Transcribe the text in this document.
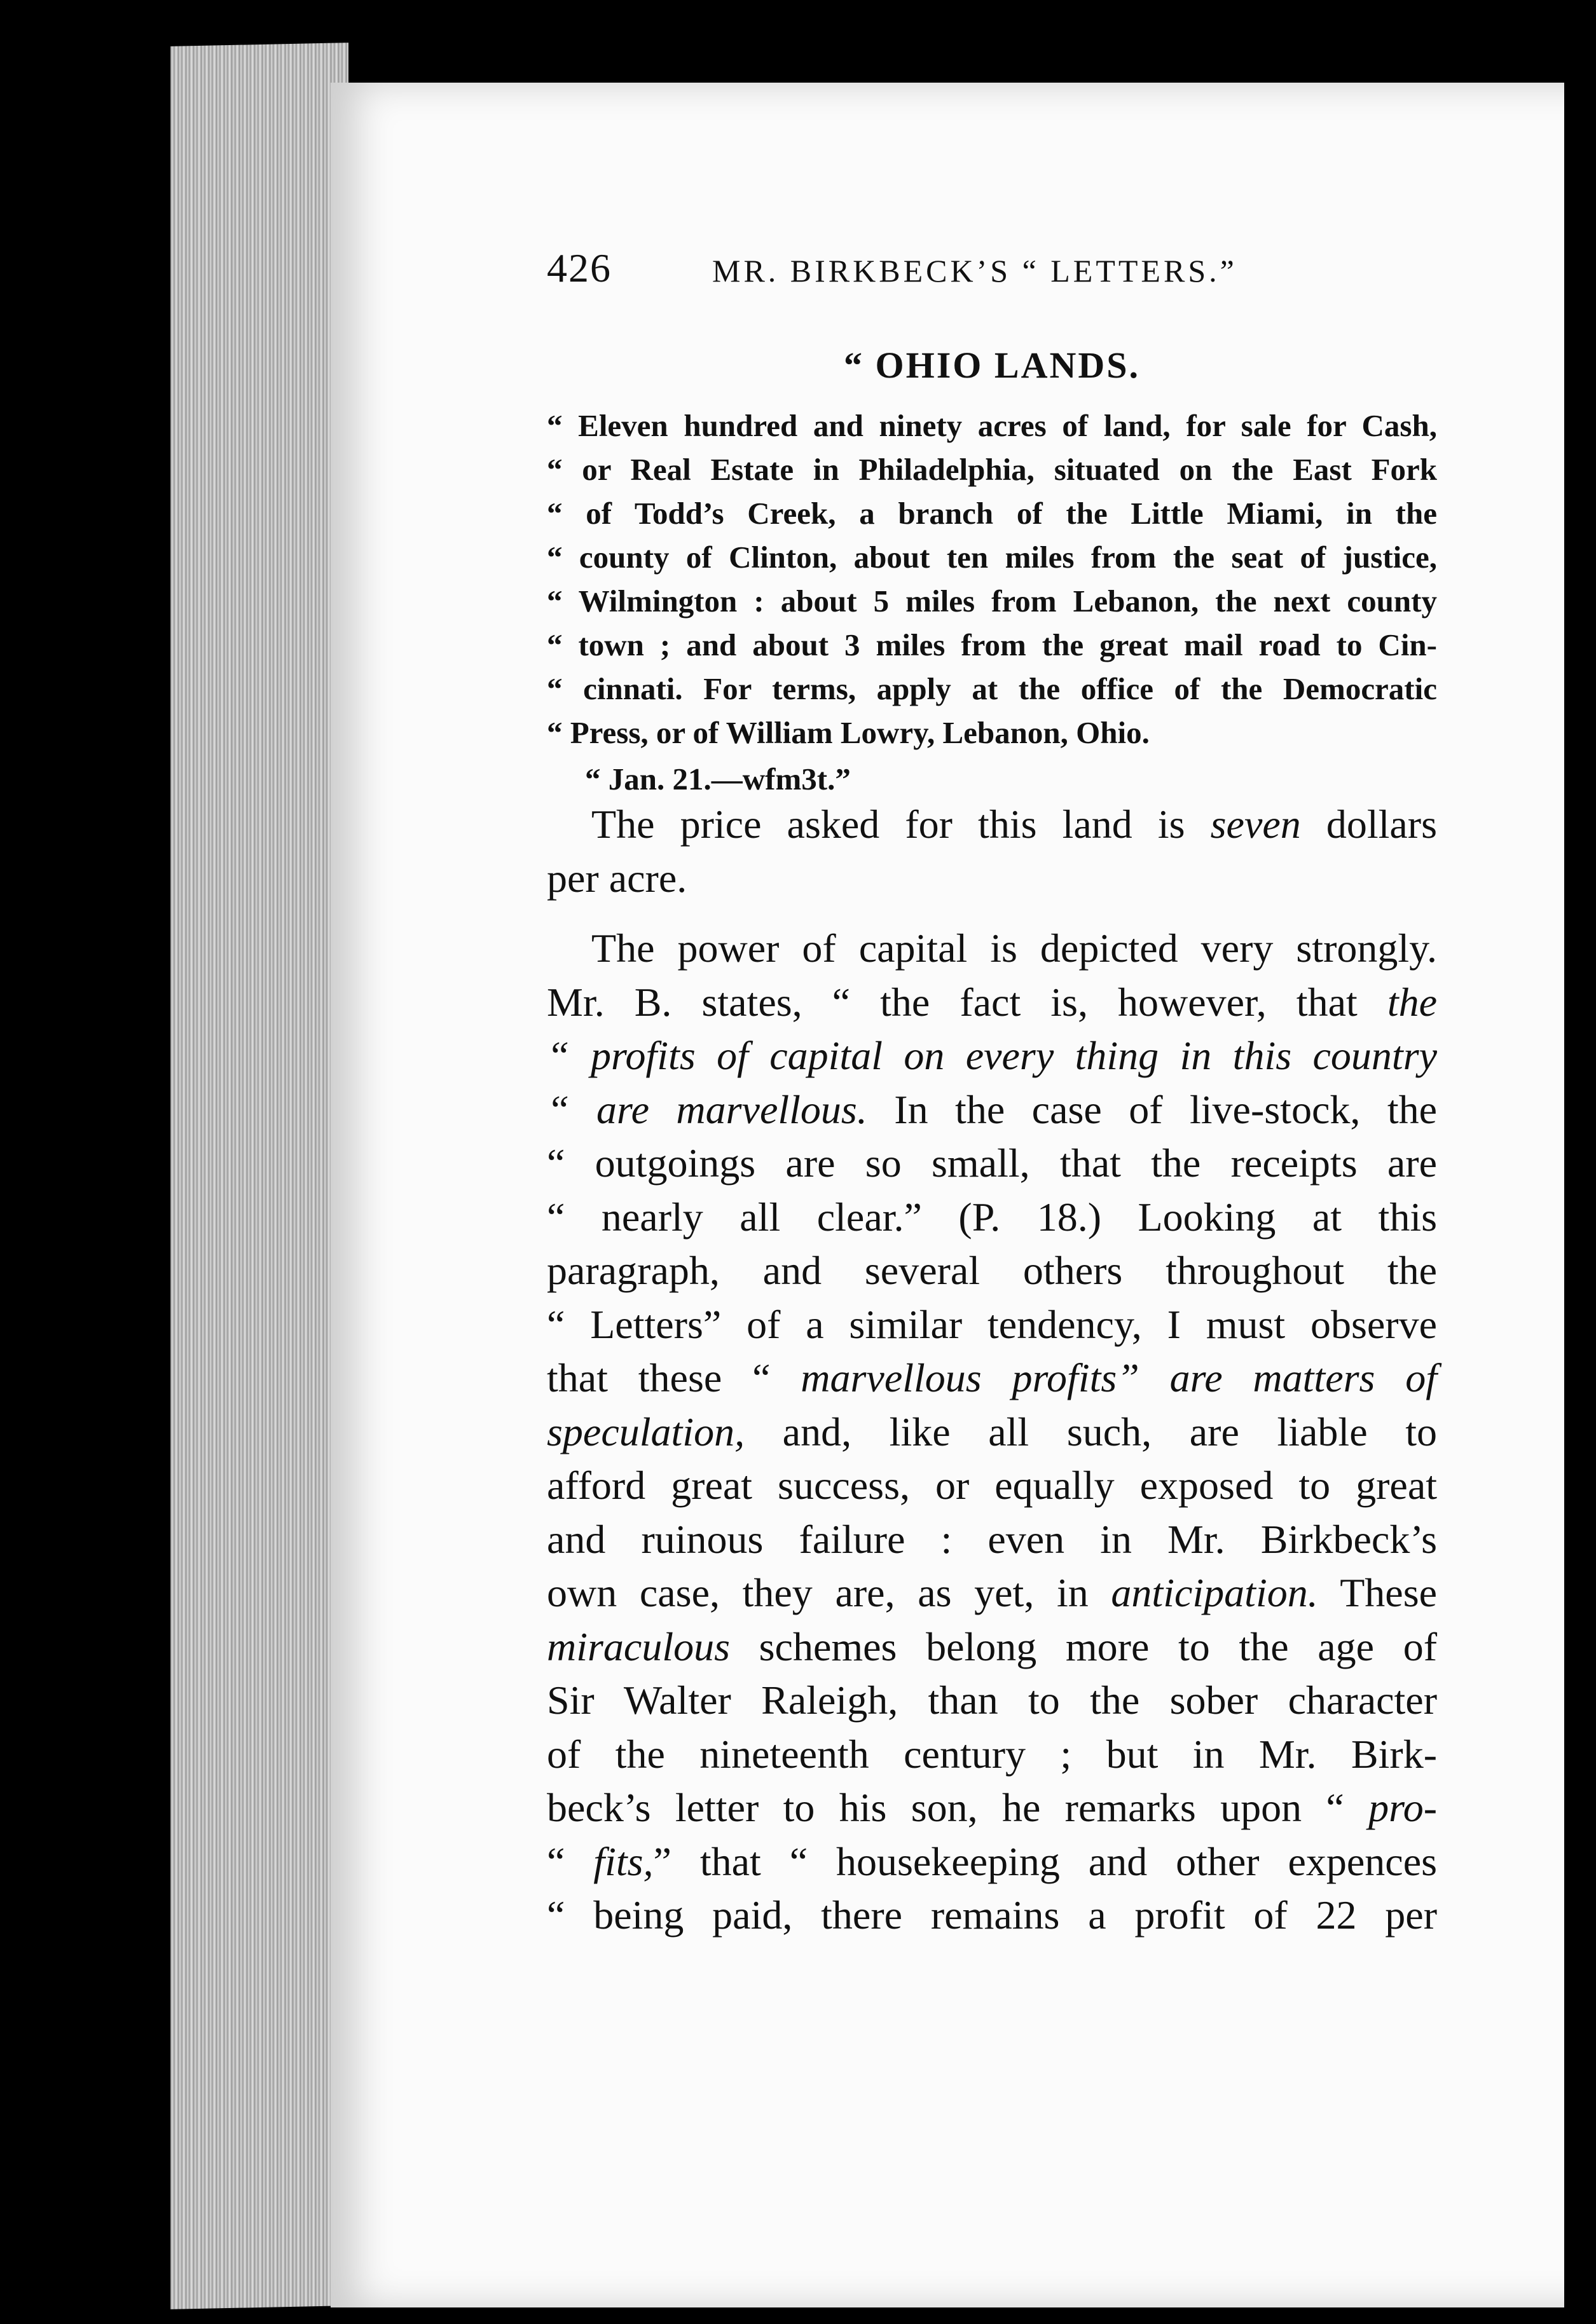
426	MR. BIRKBECK’S “ LETTERS.”
“ OHIO LANDS.
“ Eleven hundred and ninety acres of land, for sale for Cash,
“ or Real Estate in Philadelphia, situated on the East Fork
“ of Todd’s Creek, a branch of the Little Miami, in the
“ county of Clinton, about ten miles from the seat of justice,
“ Wilmington : about 5 miles from Lebanon, the next county
“ town ; and about 3 miles from the great mail road to Cin-
“ cinnati. For terms, apply at the office of the Democratic
“ Press, or of William Lowry, Lebanon, Ohio.
“ Jan. 21.—wfm3t.”

The price asked for this land is seven dollars
per acre.

The power of capital is depicted very strongly.
Mr. B. states, “ the fact is, however, that the
“ profits of capital on every thing in this country
“ are marvellous. In the case of live-stock, the
“ outgoings are so small, that the receipts are
“ nearly all clear.” (P. 18.) Looking at this
paragraph, and several others throughout the
“ Letters” of a similar tendency, I must observe
that these “ marvellous profits” are matters of
speculation, and, like all such, are liable to
afford great success, or equally exposed to great
and ruinous failure : even in Mr. Birkbeck’s
own case, they are, as yet, in anticipation. These
miraculous schemes belong more to the age of
Sir Walter Raleigh, than to the sober character
of the nineteenth century ; but in Mr. Birk-
beck’s letter to his son, he remarks upon “ pro-
“ fits,” that “ housekeeping and other expences
“ being paid, there remains a profit of 22 per
